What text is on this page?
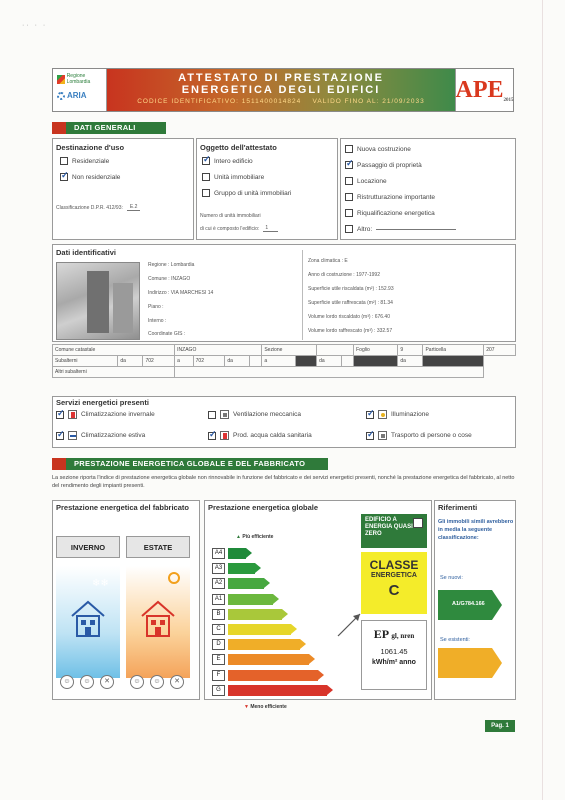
·· · ·
Regione Lombardia
ARIA
ATTESTATO DI PRESTAZIONE
ENERGETICA DEGLI EDIFICI
CODICE IDENTIFICATIVO: 1511400014824 VALIDO FINO AL: 21/09/2033	APE 2015
DATI GENERALI
Destinazione d'uso
Residenziale
✓
Non residenziale
Classificazione D.P.R. 412/93:	E.2
Oggetto dell'attestato
✓
Intero edificio
Unità immobiliare
Gruppo di unità immobiliari
Numero di unità immobiliari
di cui è composto l'edificio:	1
Nuova costruzione
✓
Passaggio di proprietà
Locazione
Ristrutturazione importante
Riqualificazione energetica
Altro:
Dati identificativi
Regione : Lombardia
Comune : INZAGO
Indirizzo : VIA MARCHESI 14
Piano :
Interno :
Coordinate GIS :
Zona climatica : E
Anno di costruzione : 1977-1992
Superficie utile riscaldata (m²) : 152.93
Superficie utile raffrescata (m²) : 81.34
Volume lordo riscaldato (m³) : 676.40
Volume lordo raffrescato (m³) : 332.57
Comune catastale			INZAGO				Sezione				Foglio	9	Particella	207
Subalterni	da	702	a	702	da		a		da			da		
Altri subalterni														
Servizi energetici presenti
✓
Climatizzazione invernale	Ventilazione meccanica ✓	Illuminazione
✓
Climatizzazione estiva ✓	Prod. acqua calda sanitaria ✓	Trasporto di persone o cose
PRESTAZIONE ENERGETICA GLOBALE E DEL FABBRICATO
La sezione riporta l'indice di prestazione energetica globale non rinnovabile in funzione del fabbricato e dei servizi energetici presenti, nonché la prestazione energetica del fabbricato, al netto del rendimento degli impianti presenti.
Prestazione energetica del fabbricato
INVERNO	ESTATE
❄❄
☺	☺	✕	☺	☺	✕
Prestazione energetica globale
▲ Più efficiente
A4
A3
A2
A1
B
C
D
E
F
G
▼ Meno efficiente
EDIFICIO A ENERGIA QUASI ZERO
CLASSE
ENERGETICA
C
EP gl, nren
1061.45
kWh/m² anno
Riferimenti
Gli immobili simili avrebbero in media la seguente classificazione:
Se nuovi:
A1/G784.166
Se esistenti:
Pag. 1
